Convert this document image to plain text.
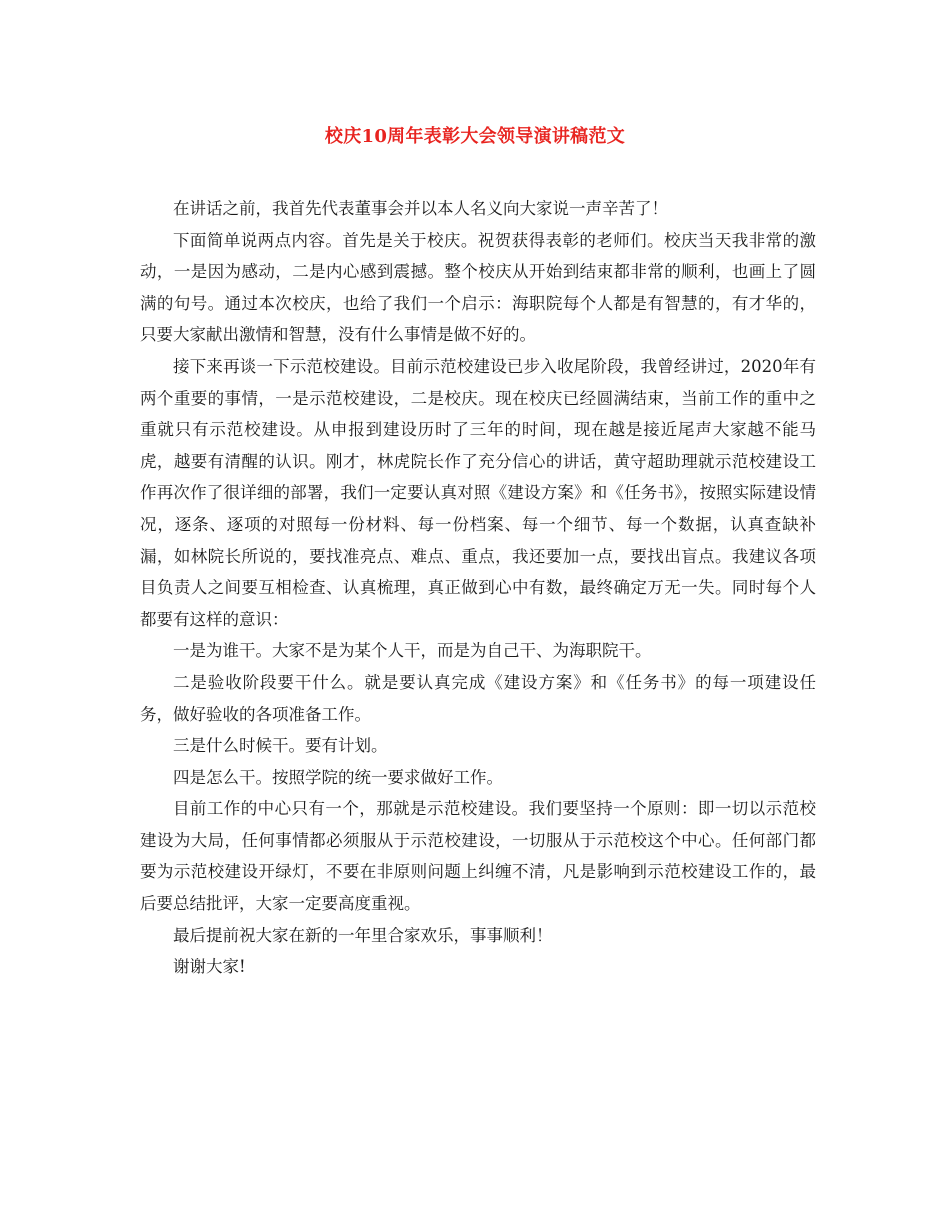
校庆10周年表彰大会领导演讲稿范文

在讲话之前，我首先代表董事会并以本人名义向大家说一声辛苦了！

下面简单说两点内容。首先是关于校庆。祝贺获得表彰的老师们。校庆当天我非常的激动，一是因为感动，二是内心感到震撼。整个校庆从开始到结束都非常的顺利，也画上了圆满的句号。通过本次校庆，也给了我们一个启示：海职院每个人都是有智慧的，有才华的，只要大家献出激情和智慧，没有什么事情是做不好的。

接下来再谈一下示范校建设。目前示范校建设已步入收尾阶段，我曾经讲过，2020年有两个重要的事情，一是示范校建设，二是校庆。现在校庆已经圆满结束，当前工作的重中之重就只有示范校建设。从申报到建设历时了三年的时间，现在越是接近尾声大家越不能马虎，越要有清醒的认识。刚才，林虎院长作了充分信心的讲话，黄守超助理就示范校建设工作再次作了很详细的部署，我们一定要认真对照《建设方案》和《任务书》，按照实际建设情况，逐条、逐项的对照每一份材料、每一份档案、每一个细节、每一个数据，认真查缺补漏，如林院长所说的，要找准亮点、难点、重点，我还要加一点，要找出盲点。我建议各项目负责人之间要互相检查、认真梳理，真正做到心中有数，最终确定万无一失。同时每个人都要有这样的意识：

一是为谁干。大家不是为某个人干，而是为自己干、为海职院干。

二是验收阶段要干什么。就是要认真完成《建设方案》和《任务书》的每一项建设任务，做好验收的各项准备工作。

三是什么时候干。要有计划。

四是怎么干。按照学院的统一要求做好工作。

目前工作的中心只有一个，那就是示范校建设。我们要坚持一个原则：即一切以示范校建设为大局，任何事情都必须服从于示范校建设，一切服从于示范校这个中心。任何部门都要为示范校建设开绿灯，不要在非原则问题上纠缠不清，凡是影响到示范校建设工作的，最后要总结批评，大家一定要高度重视。

最后提前祝大家在新的一年里合家欢乐，事事顺利！

谢谢大家!
